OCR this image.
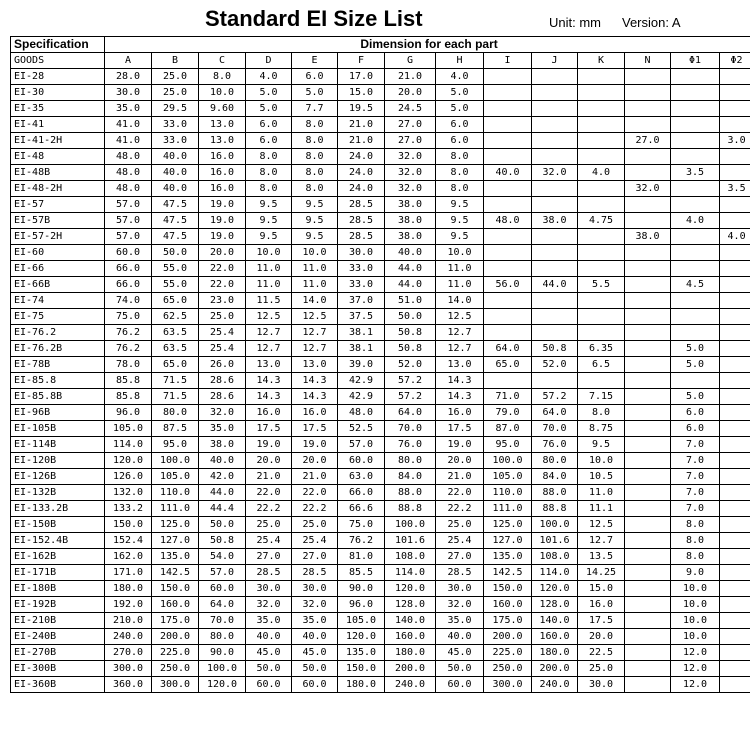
Standard EI Size List	Unit: mm Version: A
Specification	Dimension for each part													
GOODS	A	B	C	D	E	F	G	H	I	J	K	N	Φ1	Φ2
EI-28	28.0	25.0	8.0	4.0	6.0	17.0	21.0	4.0						
EI-30	30.0	25.0	10.0	5.0	5.0	15.0	20.0	5.0						
EI-35	35.0	29.5	9.60	5.0	7.7	19.5	24.5	5.0						
EI-41	41.0	33.0	13.0	6.0	8.0	21.0	27.0	6.0						
EI-41-2H	41.0	33.0	13.0	6.0	8.0	21.0	27.0	6.0				27.0		3.0
EI-48	48.0	40.0	16.0	8.0	8.0	24.0	32.0	8.0						
EI-48B	48.0	40.0	16.0	8.0	8.0	24.0	32.0	8.0	40.0	32.0	4.0		3.5	
EI-48-2H	48.0	40.0	16.0	8.0	8.0	24.0	32.0	8.0				32.0		3.5
EI-57	57.0	47.5	19.0	9.5	9.5	28.5	38.0	9.5						
EI-57B	57.0	47.5	19.0	9.5	9.5	28.5	38.0	9.5	48.0	38.0	4.75		4.0	
EI-57-2H	57.0	47.5	19.0	9.5	9.5	28.5	38.0	9.5				38.0		4.0
EI-60	60.0	50.0	20.0	10.0	10.0	30.0	40.0	10.0						
EI-66	66.0	55.0	22.0	11.0	11.0	33.0	44.0	11.0						
EI-66B	66.0	55.0	22.0	11.0	11.0	33.0	44.0	11.0	56.0	44.0	5.5		4.5	
EI-74	74.0	65.0	23.0	11.5	14.0	37.0	51.0	14.0						
EI-75	75.0	62.5	25.0	12.5	12.5	37.5	50.0	12.5						
EI-76.2	76.2	63.5	25.4	12.7	12.7	38.1	50.8	12.7						
EI-76.2B	76.2	63.5	25.4	12.7	12.7	38.1	50.8	12.7	64.0	50.8	6.35		5.0	
EI-78B	78.0	65.0	26.0	13.0	13.0	39.0	52.0	13.0	65.0	52.0	6.5		5.0	
EI-85.8	85.8	71.5	28.6	14.3	14.3	42.9	57.2	14.3						
EI-85.8B	85.8	71.5	28.6	14.3	14.3	42.9	57.2	14.3	71.0	57.2	7.15		5.0	
EI-96B	96.0	80.0	32.0	16.0	16.0	48.0	64.0	16.0	79.0	64.0	8.0		6.0	
EI-105B	105.0	87.5	35.0	17.5	17.5	52.5	70.0	17.5	87.0	70.0	8.75		6.0	
EI-114B	114.0	95.0	38.0	19.0	19.0	57.0	76.0	19.0	95.0	76.0	9.5		7.0	
EI-120B	120.0	100.0	40.0	20.0	20.0	60.0	80.0	20.0	100.0	80.0	10.0		7.0	
EI-126B	126.0	105.0	42.0	21.0	21.0	63.0	84.0	21.0	105.0	84.0	10.5		7.0	
EI-132B	132.0	110.0	44.0	22.0	22.0	66.0	88.0	22.0	110.0	88.0	11.0		7.0	
EI-133.2B	133.2	111.0	44.4	22.2	22.2	66.6	88.8	22.2	111.0	88.8	11.1		7.0	
EI-150B	150.0	125.0	50.0	25.0	25.0	75.0	100.0	25.0	125.0	100.0	12.5		8.0	
EI-152.4B	152.4	127.0	50.8	25.4	25.4	76.2	101.6	25.4	127.0	101.6	12.7		8.0	
EI-162B	162.0	135.0	54.0	27.0	27.0	81.0	108.0	27.0	135.0	108.0	13.5		8.0	
EI-171B	171.0	142.5	57.0	28.5	28.5	85.5	114.0	28.5	142.5	114.0	14.25		9.0	
EI-180B	180.0	150.0	60.0	30.0	30.0	90.0	120.0	30.0	150.0	120.0	15.0		10.0	
EI-192B	192.0	160.0	64.0	32.0	32.0	96.0	128.0	32.0	160.0	128.0	16.0		10.0	
EI-210B	210.0	175.0	70.0	35.0	35.0	105.0	140.0	35.0	175.0	140.0	17.5		10.0	
EI-240B	240.0	200.0	80.0	40.0	40.0	120.0	160.0	40.0	200.0	160.0	20.0		10.0	
EI-270B	270.0	225.0	90.0	45.0	45.0	135.0	180.0	45.0	225.0	180.0	22.5		12.0	
EI-300B	300.0	250.0	100.0	50.0	50.0	150.0	200.0	50.0	250.0	200.0	25.0		12.0	
EI-360B	360.0	300.0	120.0	60.0	60.0	180.0	240.0	60.0	300.0	240.0	30.0		12.0	
